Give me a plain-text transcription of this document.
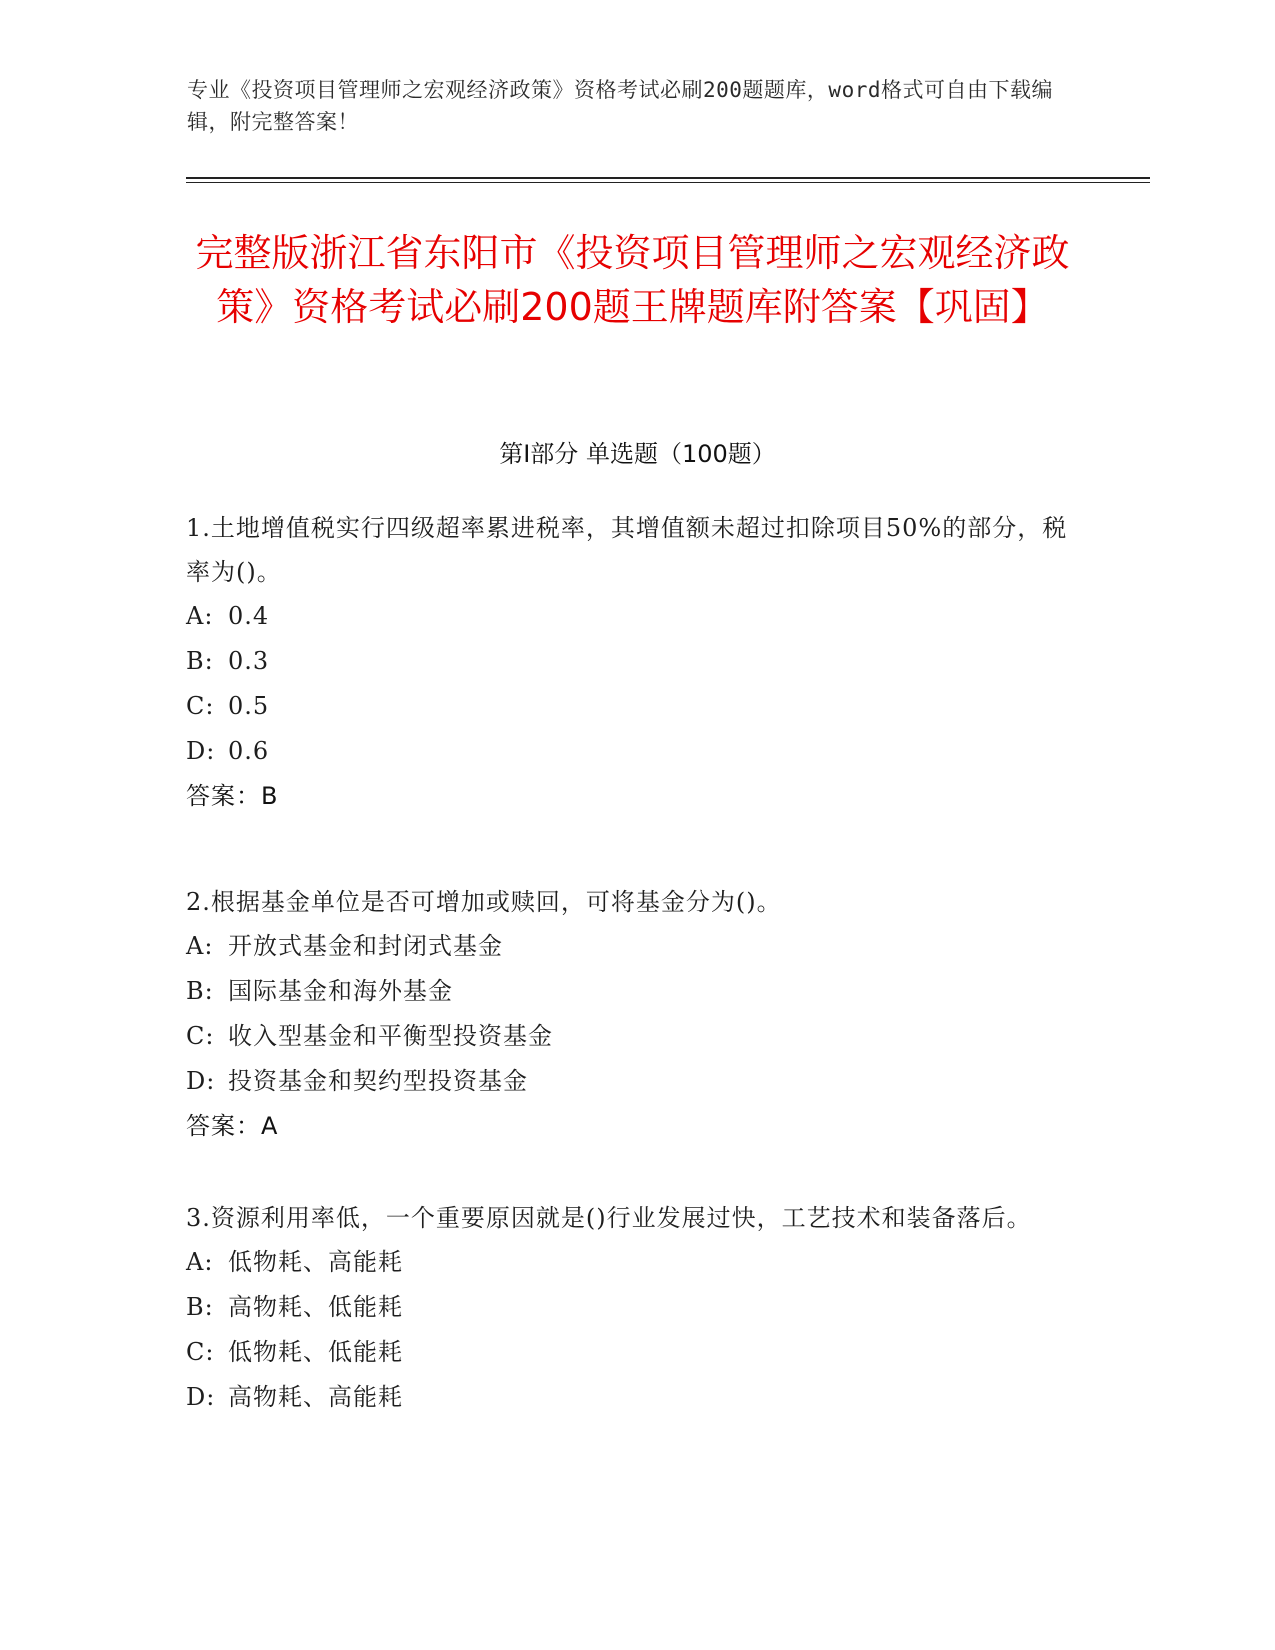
专业《投资项目管理师之宏观经济政策》资格考试必刷200题题库，word格式可自由下载编辑，附完整答案！
完整版浙江省东阳市《投资项目管理师之宏观经济政策》资格考试必刷200题王牌题库附答案【巩固】
第I部分 单选题（100题）

1.土地增值税实行四级超率累进税率，其增值额未超过扣除项目50%的部分，税率为()。

A: 0.4

B: 0.3

C: 0.5

D: 0.6

答案：B

2.根据基金单位是否可增加或赎回，可将基金分为()。

A: 开放式基金和封闭式基金

B: 国际基金和海外基金

C: 收入型基金和平衡型投资基金

D: 投资基金和契约型投资基金

答案：A

3.资源利用率低，一个重要原因就是()行业发展过快，工艺技术和装备落后。

A: 低物耗、高能耗

B: 高物耗、低能耗

C: 低物耗、低能耗

D: 高物耗、高能耗
